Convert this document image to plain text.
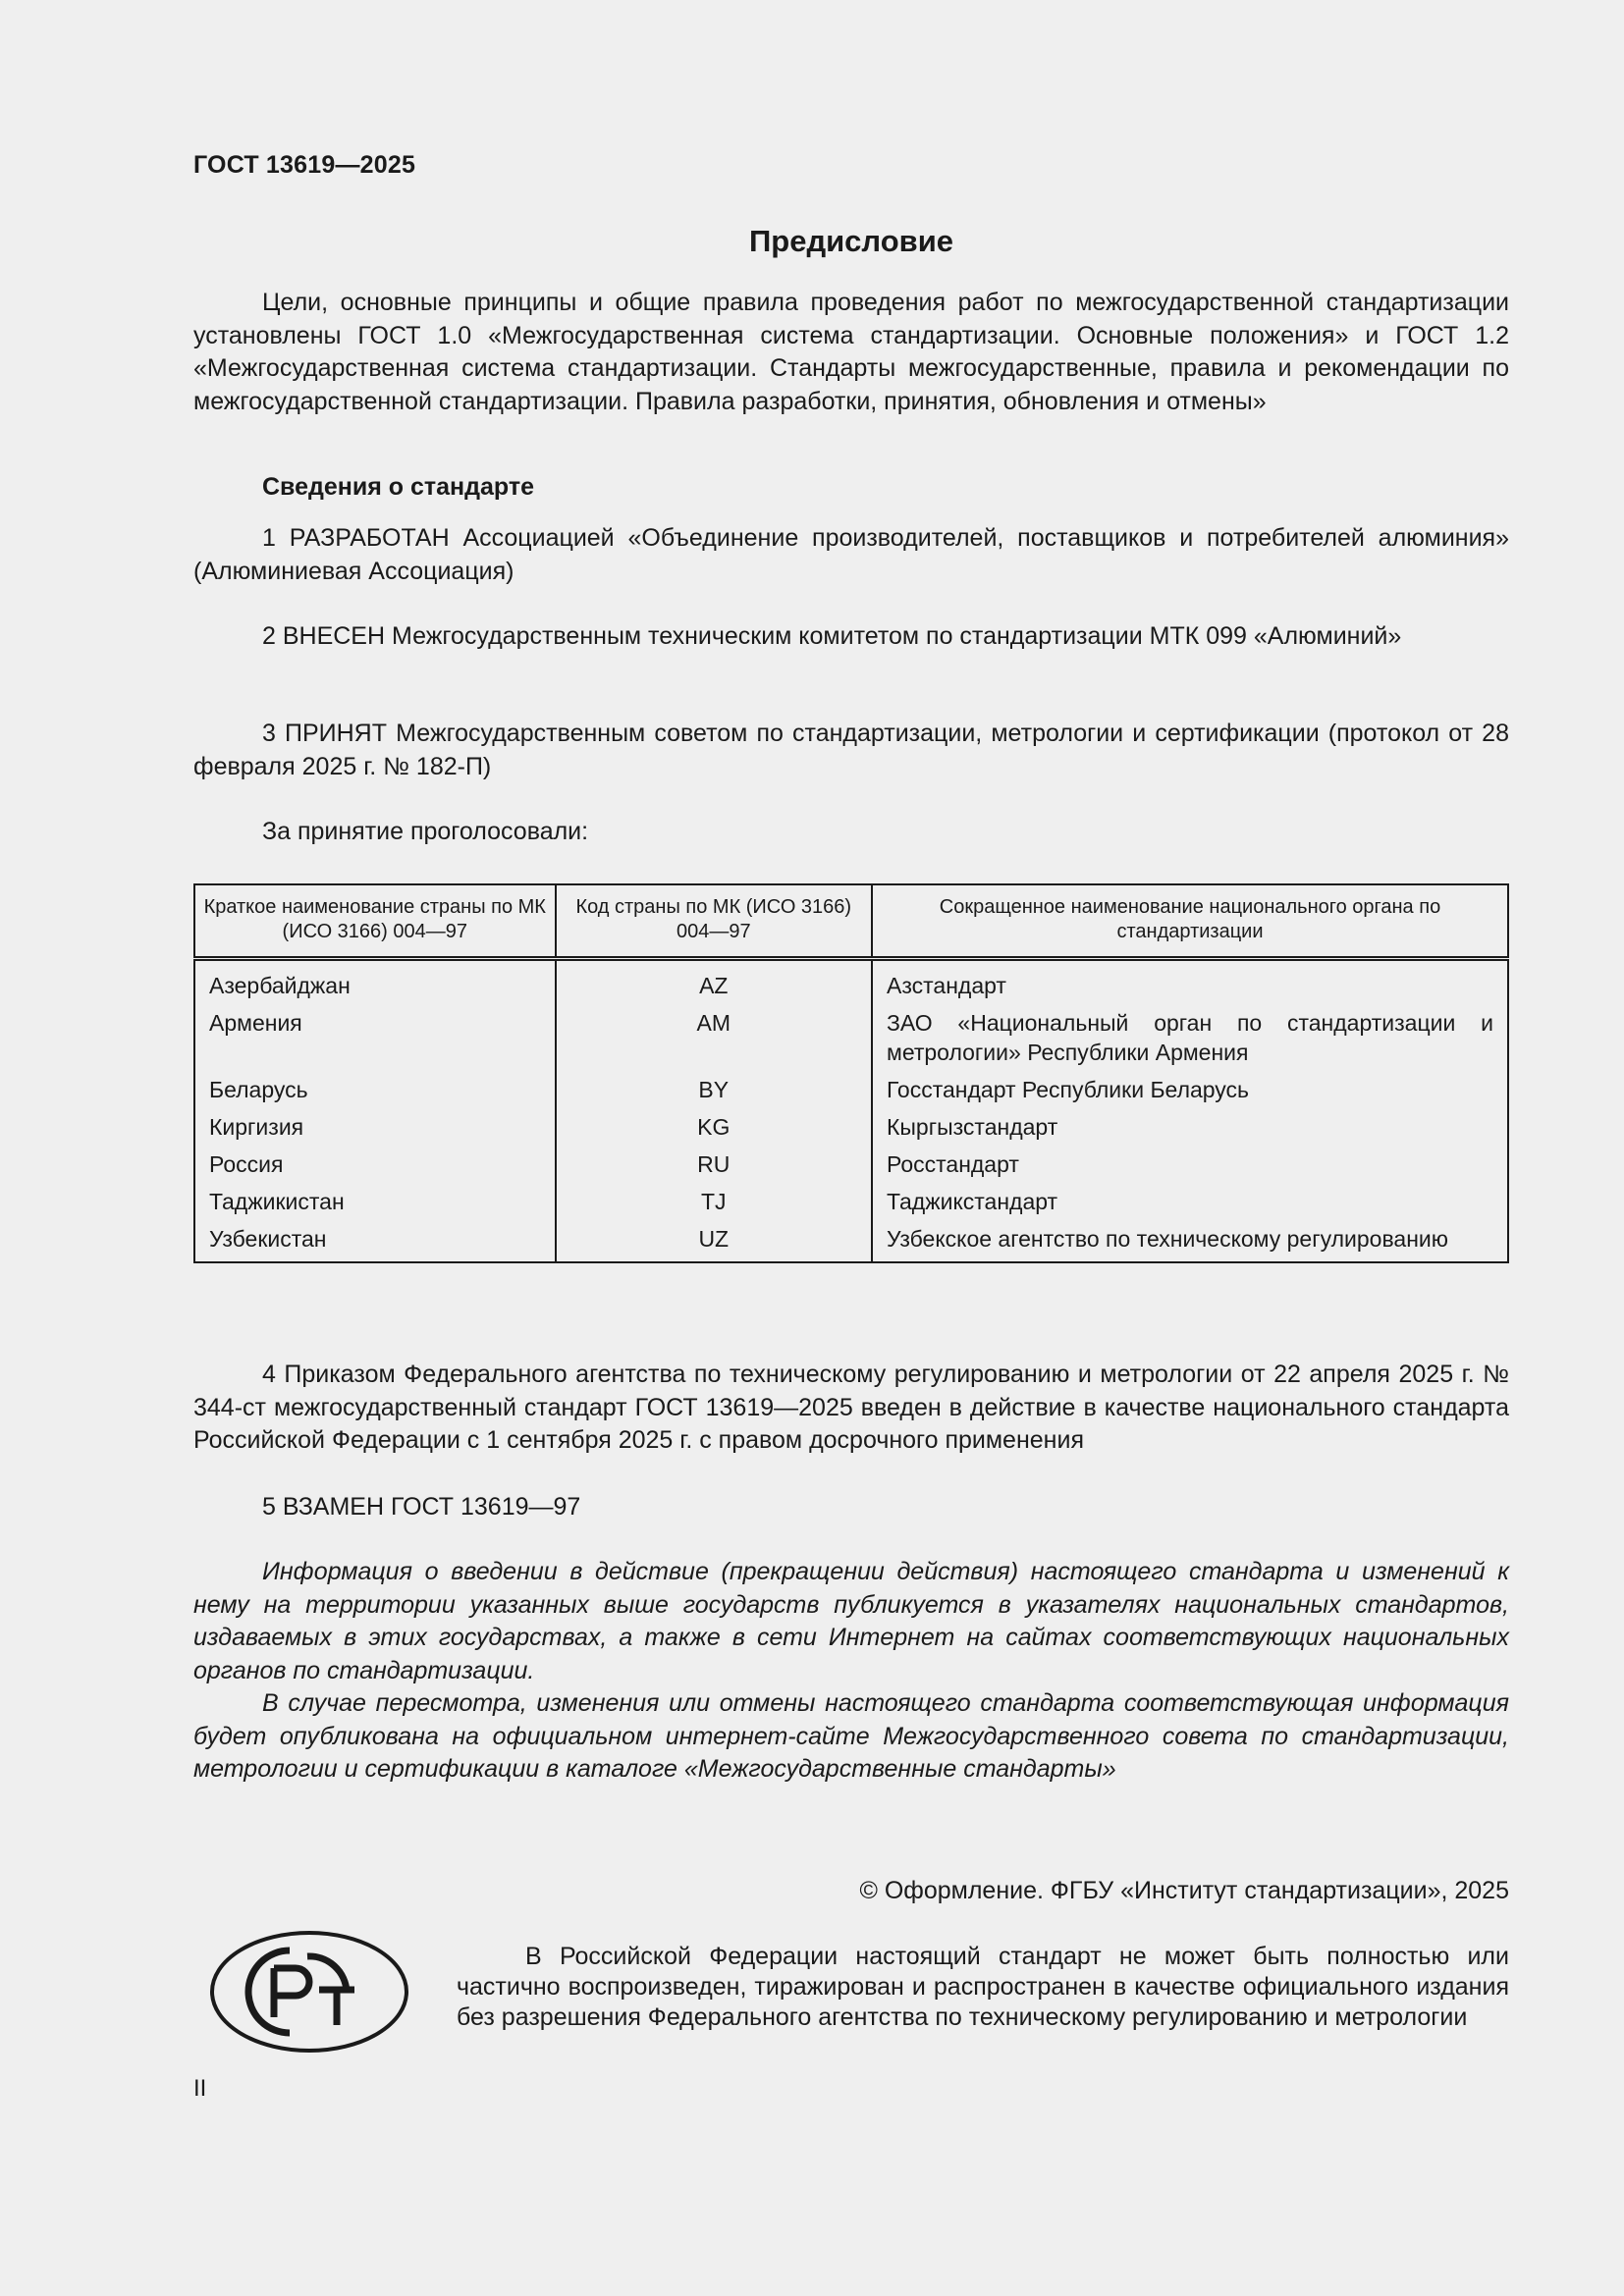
ГОСТ 13619—2025
Предисловие
Цели, основные принципы и общие правила проведения работ по межгосударственной стандартизации установлены ГОСТ 1.0 «Межгосударственная система стандартизации. Основные положения» и ГОСТ 1.2 «Межгосударственная система стандартизации. Стандарты межгосударственные, правила и рекомендации по межгосударственной стандартизации. Правила разработки, принятия, обновления и отмены»
Сведения о стандарте
1 РАЗРАБОТАН Ассоциацией «Объединение производителей, поставщиков и потребителей алюминия» (Алюминиевая Ассоциация)
2 ВНЕСЕН Межгосударственным техническим комитетом по стандартизации МТК 099 «Алюминий»
3 ПРИНЯТ Межгосударственным советом по стандартизации, метрологии и сертификации (протокол от 28 февраля 2025 г. № 182-П)
За принятие проголосовали:
Краткое наименование страны по МК (ИСО 3166) 004—97	Код страны по МК (ИСО 3166) 004—97	Сокращенное наименование национального органа по стандартизации
Азербайджан	AZ	Азстандарт
Армения	AM	ЗАО «Национальный орган по стандартизации и метрологии» Республики Армения
Беларусь	BY	Госстандарт Республики Беларусь
Киргизия	KG	Кыргызстандарт
Россия	RU	Росстандарт
Таджикистан	TJ	Таджикстандарт
Узбекистан	UZ	Узбекское агентство по техническому регулированию
4 Приказом Федерального агентства по техническому регулированию и метрологии от 22 апреля 2025 г. № 344-ст межгосударственный стандарт ГОСТ 13619—2025 введен в действие в качестве национального стандарта Российской Федерации с 1 сентября 2025 г. с правом досрочного применения
5 ВЗАМЕН ГОСТ 13619—97
Информация о введении в действие (прекращении действия) настоящего стандарта и изменений к нему на территории указанных выше государств публикуется в указателях национальных стандартов, издаваемых в этих государствах, а также в сети Интернет на сайтах соответствующих национальных органов по стандартизации.
В случае пересмотра, изменения или отмены настоящего стандарта соответствующая информация будет опубликована на официальном интернет-сайте Межгосударственного совета по стандартизации, метрологии и сертификации в каталоге «Межгосударственные стандарты»
© Оформление. ФГБУ «Институт стандартизации», 2025
РСТ
В Российской Федерации настоящий стандарт не может быть полностью или частично воспроизведен, тиражирован и распространен в качестве официального издания без разрешения Федерального агентства по техническому регулированию и метрологии
II
